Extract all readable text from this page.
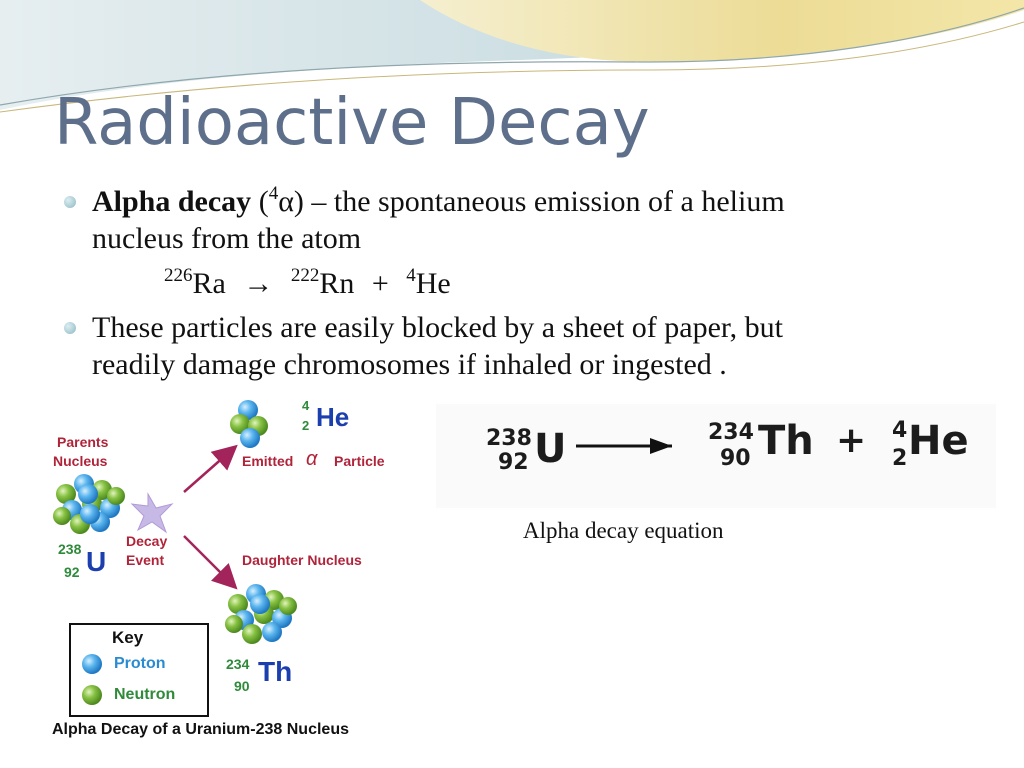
Radioactive Decay
Alpha decay ($^4$α) – the spontaneous emission of a helium
nucleus from the atom
$^{226}$Ra → $^{222}$Rn + $^4$He
These particles are easily blocked by a sheet of paper, but
readily damage chromosomes if inhaled or ingested .
Parents
Nucleus
238
92 U
Decay
Event
4
2 He
Emitted α Particle
Daughter Nucleus
234
90 Th
Key
Proton
Neutron
Alpha Decay of a Uranium-238 Nucleus
238
92 U	234
90 Th + 4
2 He
Alpha decay equation
